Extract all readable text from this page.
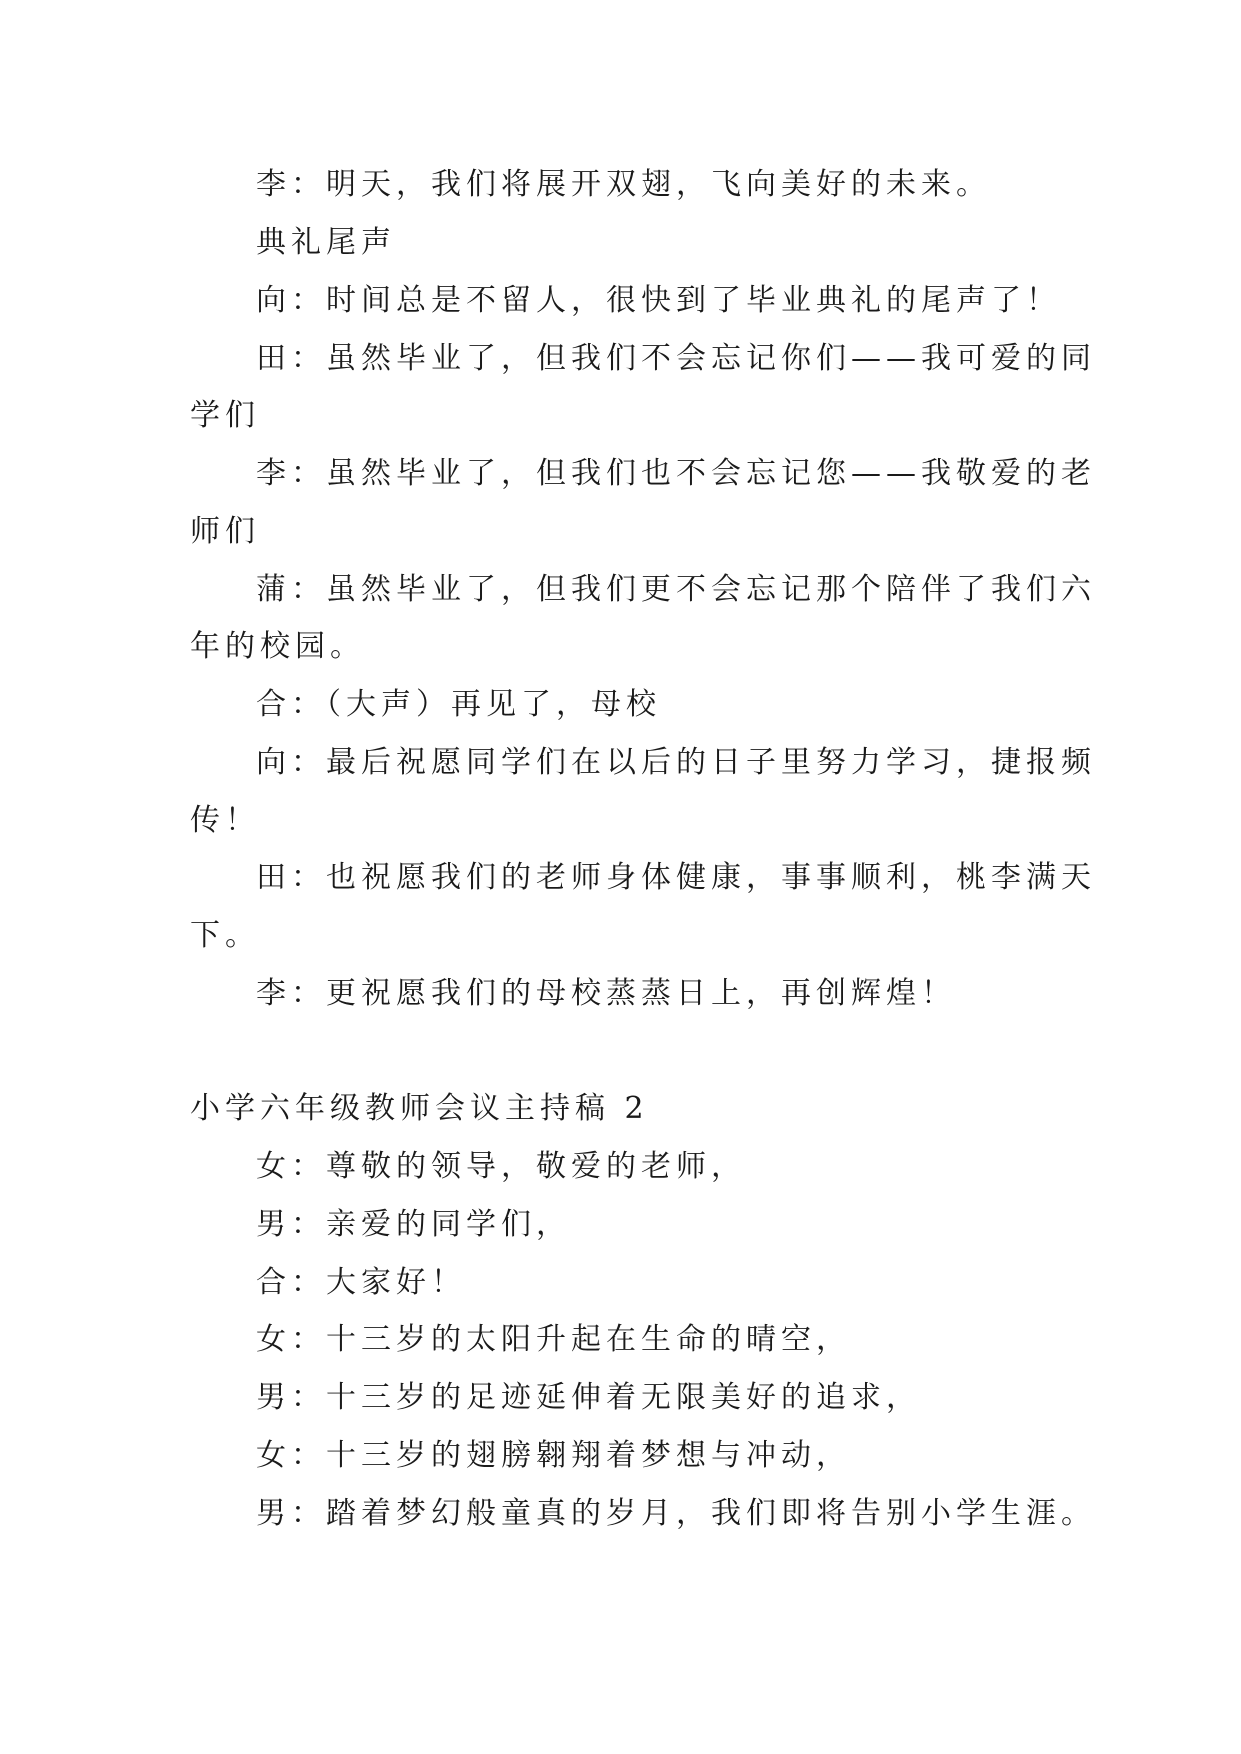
李：明天，我们将展开双翅，飞向美好的未来。
典礼尾声
向：时间总是不留人，很快到了毕业典礼的尾声了！
田：虽然毕业了，但我们不会忘记你们——我可爱的同
学们
李：虽然毕业了，但我们也不会忘记您——我敬爱的老
师们
蒲：虽然毕业了，但我们更不会忘记那个陪伴了我们六
年的校园。
合：（大声）再见了，母校
向：最后祝愿同学们在以后的日子里努力学习，捷报频
传！
田：也祝愿我们的老师身体健康，事事顺利，桃李满天
下。
李：更祝愿我们的母校蒸蒸日上，再创辉煌！
小学六年级教师会议主持稿 2
女：尊敬的领导，敬爱的老师，
男：亲爱的同学们，
合：大家好！
女：十三岁的太阳升起在生命的晴空，
男：十三岁的足迹延伸着无限美好的追求，
女：十三岁的翅膀翱翔着梦想与冲动，
男：踏着梦幻般童真的岁月，我们即将告别小学生涯。
